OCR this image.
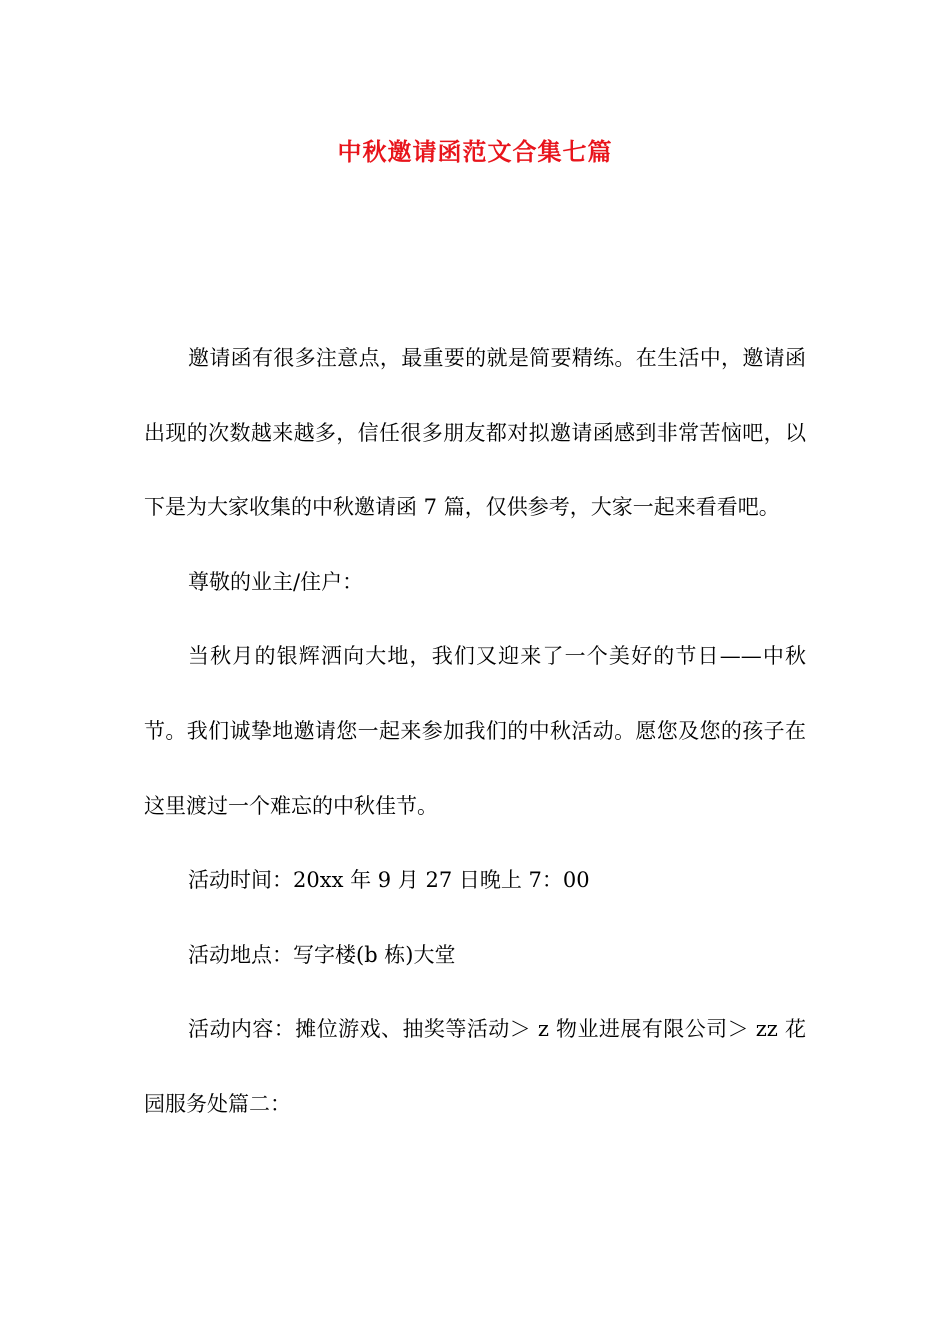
中秋邀请函范文合集七篇

邀请函有很多注意点，最重要的就是简要精练。在生活中，邀请函出现的次数越来越多，信任很多朋友都对拟邀请函感到非常苦恼吧，以下是为大家收集的中秋邀请函 7 篇，仅供参考，大家一起来看看吧。

尊敬的业主/住户：

当秋月的银辉洒向大地，我们又迎来了一个美好的节日——中秋节。我们诚挚地邀请您一起来参加我们的中秋活动。愿您及您的孩子在这里渡过一个难忘的中秋佳节。

活动时间：20xx 年 9 月 27 日晚上 7：00

活动地点：写字楼(b 栋)大堂

活动内容：摊位游戏、抽奖等活动＞ z 物业进展有限公司＞ zz 花园服务处篇二：
